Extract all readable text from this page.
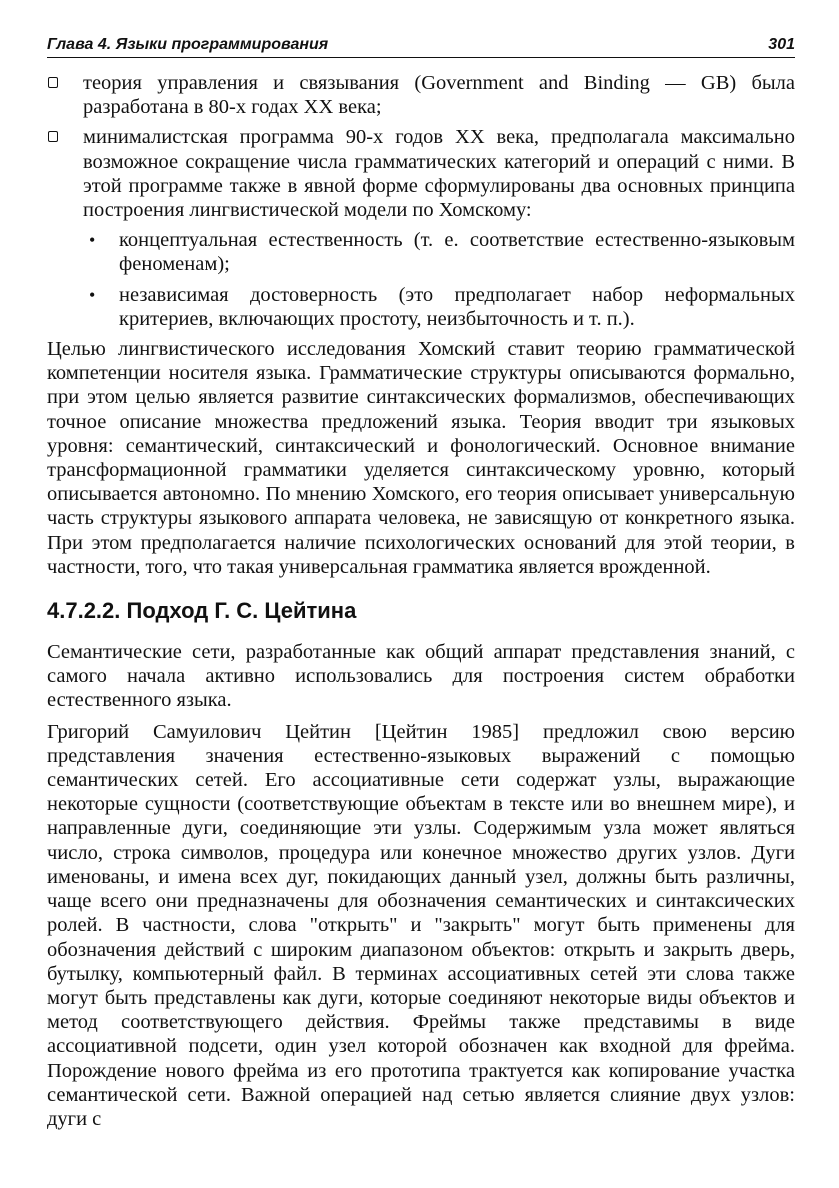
Глава 4. Языки программирования	301
теория управления и связывания (Government and Binding — GB) была разработана в 80-х годах XX века;
минималистская программа 90-х годов XX века, предполагала максимально возможное сокращение числа грамматических категорий и операций с ними. В этой программе также в явной форме сформулированы два основных принципа построения лингвистической модели по Хомскому:
• концептуальная естественность (т. е. соответствие естественно-языковым феноменам);
• независимая достоверность (это предполагает набор неформальных критериев, включающих простоту, неизбыточность и т. п.).

Целью лингвистического исследования Хомский ставит теорию грамматической компетенции носителя языка. Грамматические структуры описываются формально, при этом целью является развитие синтаксических формализмов, обеспечивающих точное описание множества предложений языка. Теория вводит три языковых уровня: семантический, синтаксический и фонологический. Основное внимание трансформационной грамматики уделяется синтаксическому уровню, который описывается автономно. По мнению Хомского, его теория описывает универсальную часть структуры языкового аппарата человека, не зависящую от конкретного языка. При этом предполагается наличие психологических оснований для этой теории, в частности, того, что такая универсальная грамматика является врожденной.

4.7.2.2. Подход Г. С. Цейтина

Семантические сети, разработанные как общий аппарат представления знаний, с самого начала активно использовались для построения систем обработки естественного языка.

Григорий Самуилович Цейтин [Цейтин 1985] предложил свою версию представления значения естественно-языковых выражений с помощью семантических сетей. Его ассоциативные сети содержат узлы, выражающие некоторые сущности (соответствующие объектам в тексте или во внешнем мире), и направленные дуги, соединяющие эти узлы. Содержимым узла может являться число, строка символов, процедура или конечное множество других узлов. Дуги именованы, и имена всех дуг, покидающих данный узел, должны быть различны, чаще всего они предназначены для обозначения семантических и синтаксических ролей. В частности, слова "открыть" и "закрыть" могут быть применены для обозначения действий с широким диапазоном объектов: открыть и закрыть дверь, бутылку, компьютерный файл. В терминах ассоциативных сетей эти слова также могут быть представлены как дуги, которые соединяют некоторые виды объектов и метод соответствующего действия. Фреймы также представимы в виде ассоциативной подсети, один узел которой обозначен как входной для фрейма. Порождение нового фрейма из его прототипа трактуется как копирование участка семантической сети. Важной операцией над сетью является слияние двух узлов: дуги с
